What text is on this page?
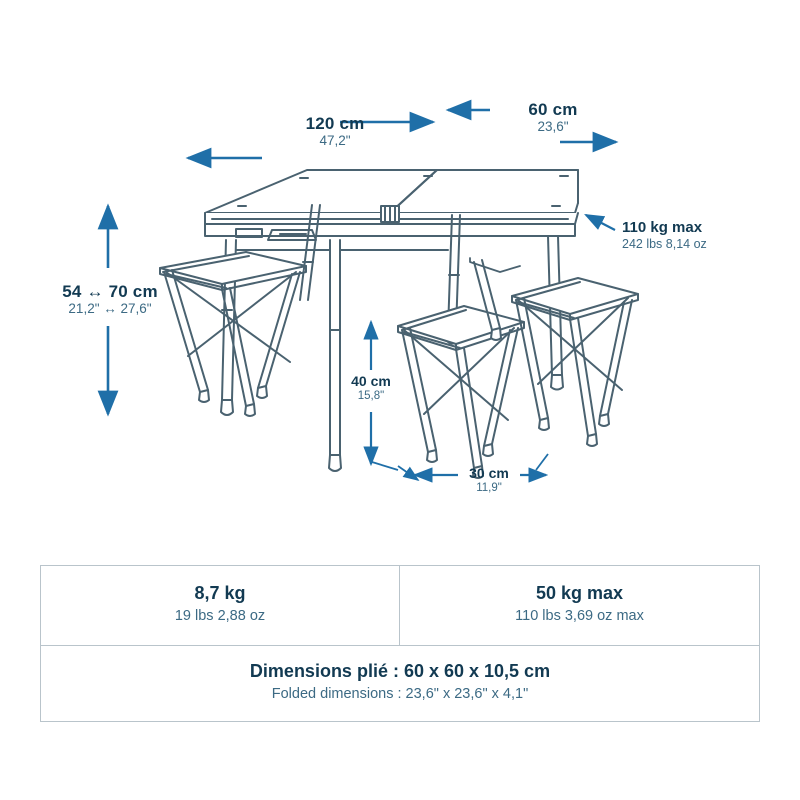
120 cm
47,2"
60 cm
23,6"
54 ↔ 70 cm
21,2" ↔ 27,6"
110 kg max
242 lbs 8,14 oz
40 cm
15,8"
30 cm
11,9"
8,7 kg
19 lbs 2,88 oz
50 kg max
110 lbs 3,69 oz max
Dimensions plié : 60 x 60 x 10,5 cm
Folded dimensions : 23,6" x 23,6" x 4,1"
